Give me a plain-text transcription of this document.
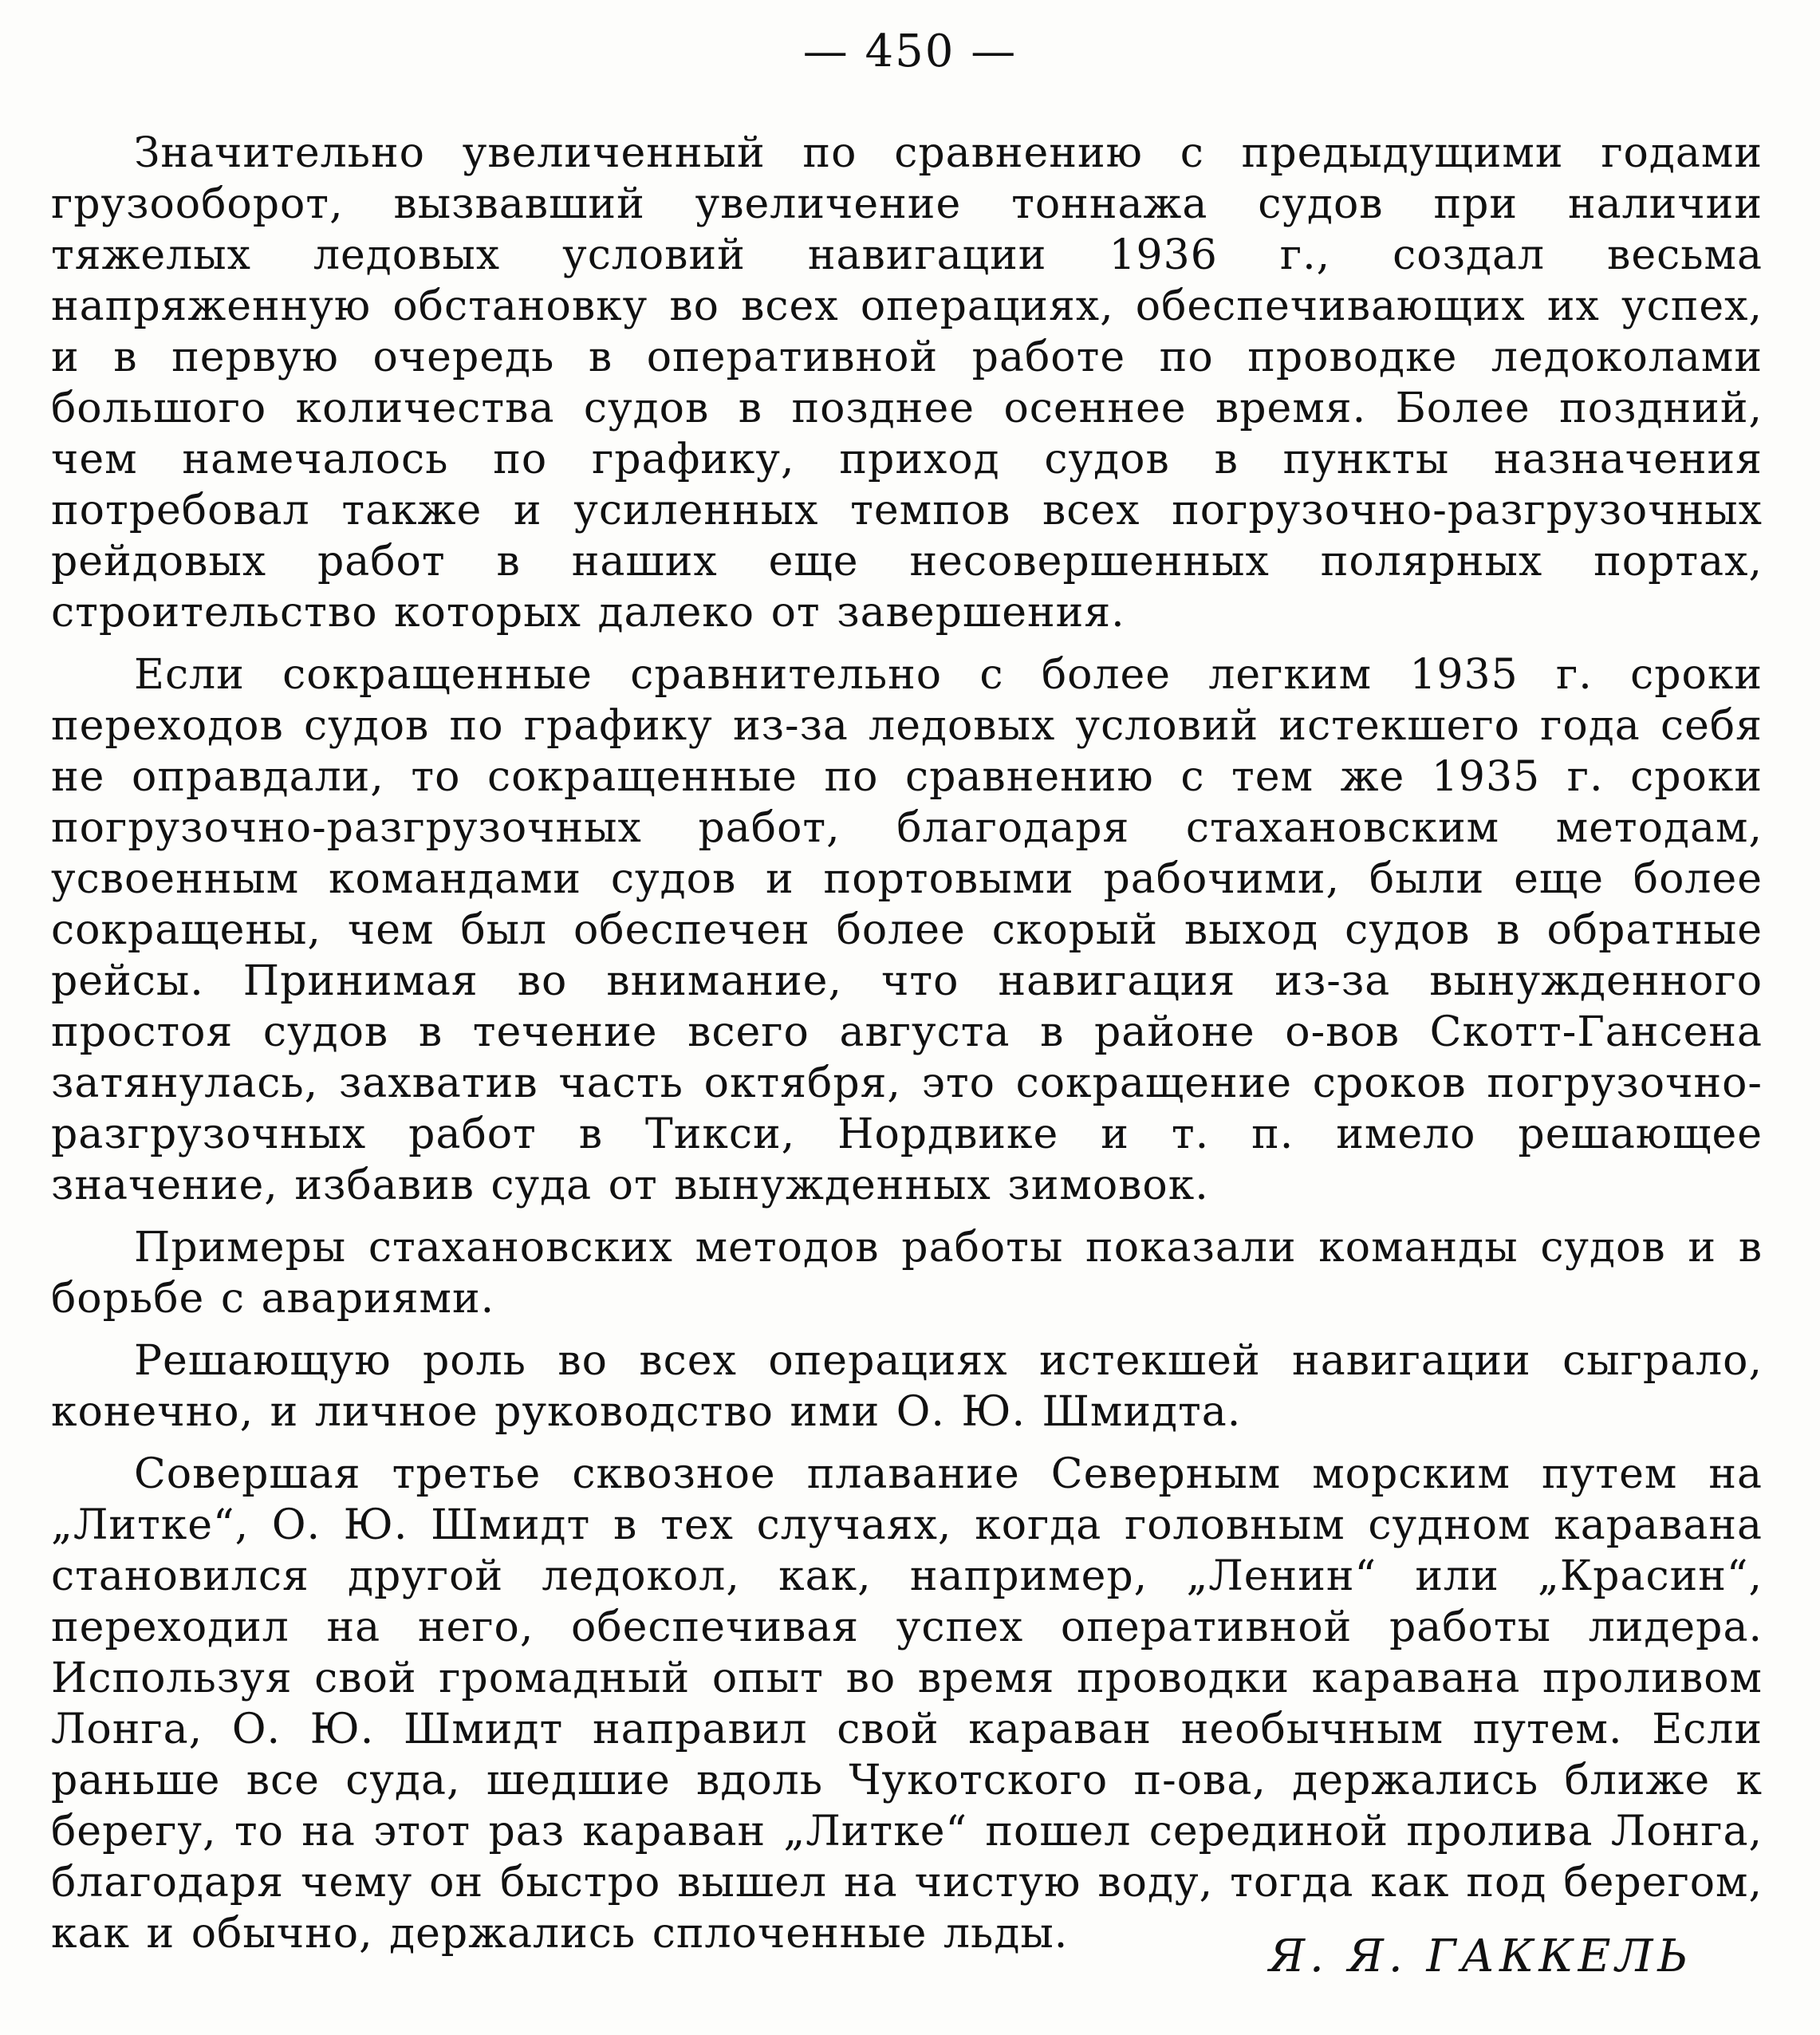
— 450 —

Значительно увеличенный по сравнению с предыдущими годами грузооборот, вызвавший увеличение тоннажа судов при наличии тяжелых ледовых условий навигации 1936 г., создал весьма напряженную обстановку во всех операциях, обеспечивающих их успех, и в первую очередь в оперативной работе по проводке ледоколами большого количества судов в позднее осеннее время. Более поздний, чем намечалось по графику, приход судов в пункты назначения потребовал также и усиленных темпов всех погрузочно-разгрузочных рейдовых работ в наших еще несовершенных полярных портах, строительство которых далеко от завершения.

Если сокращенные сравнительно с более легким 1935 г. сроки переходов судов по графику из-за ледовых условий истекшего года себя не оправдали, то сокращенные по сравнению с тем же 1935 г. сроки погрузочно-разгрузочных работ, благодаря стахановским методам, усвоенным командами судов и портовыми рабочими, были еще более сокращены, чем был обеспечен более скорый выход судов в обратные рейсы. Принимая во внимание, что навигация из-за вынужденного простоя судов в течение всего августа в районе о-вов Скотт-Гансена затянулась, захватив часть октября, это сокращение сроков погрузочно-разгрузочных работ в Тикси, Нордвике и т. п. имело решающее значение, избавив суда от вынужденных зимовок.

Примеры стахановских методов работы показали команды судов и в борьбе с авариями.

Решающую роль во всех операциях истекшей навигации сыграло, конечно, и личное руководство ими О. Ю. Шмидта.

Совершая третье сквозное плавание Северным морским путем на „Литке“, О. Ю. Шмидт в тех случаях, когда головным судном каравана становился другой ледокол, как, например, „Ленин“ или „Красин“, переходил на него, обеспечивая успех оперативной работы лидера. Используя свой громадный опыт во время проводки каравана проливом Лонга, О. Ю. Шмидт направил свой караван необычным путем. Если раньше все суда, шедшие вдоль Чукотского п-ова, держались ближе к берегу, то на этот раз караван „Литке“ пошел серединой пролива Лонга, благодаря чему он быстро вышел на чистую воду, тогда как под берегом, как и обычно, держались сплоченные льды.	Я. Я. ГАККЕЛЬ
